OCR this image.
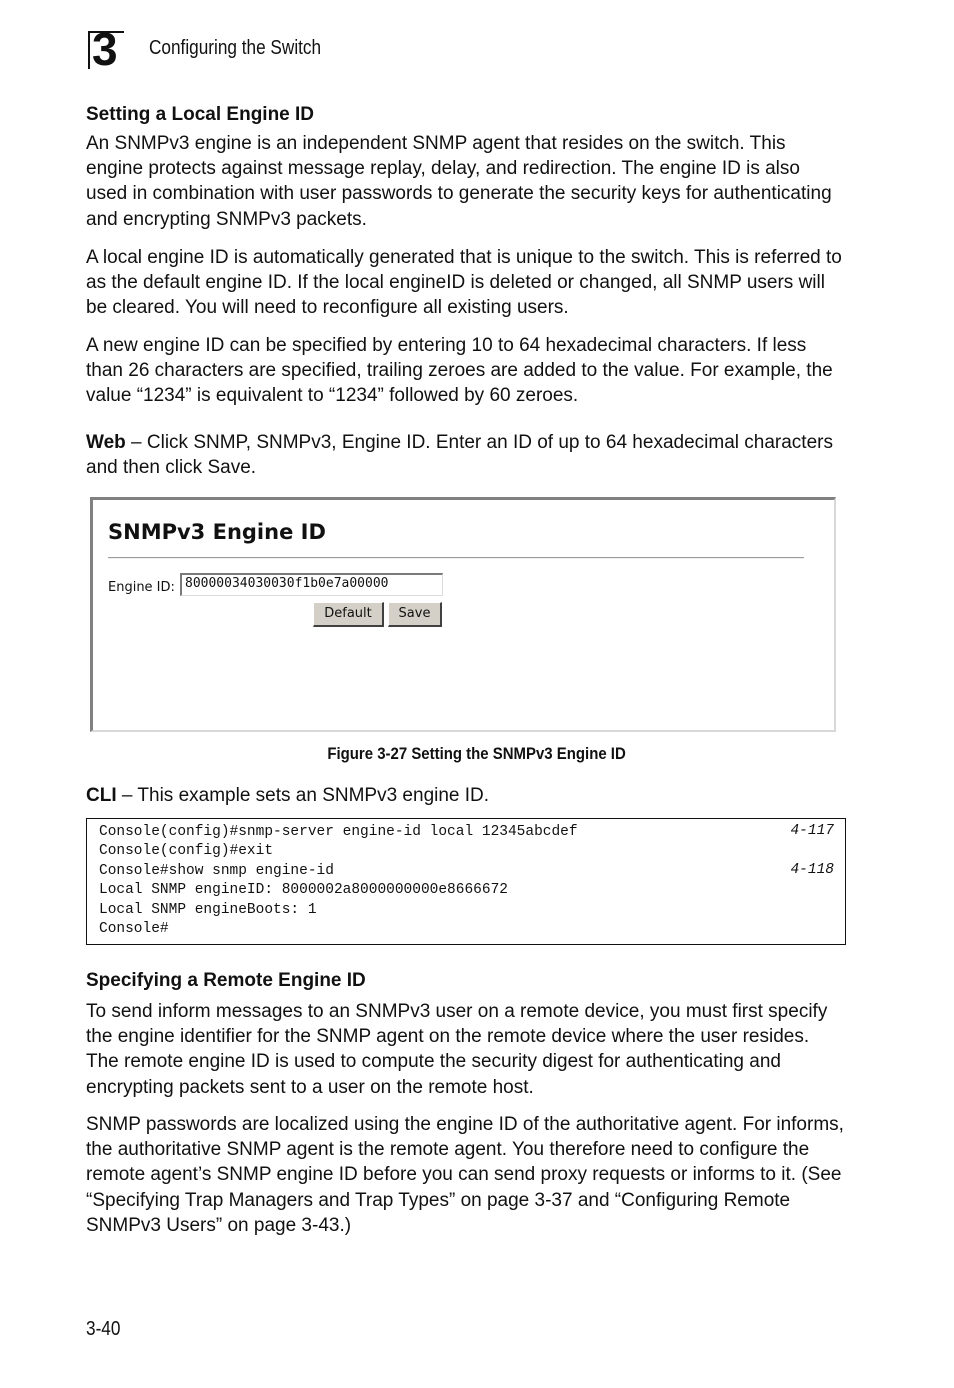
3 Configuring the Switch
Setting a Local Engine ID

An SNMPv3 engine is an independent SNMP agent that resides on the switch. This engine protects against message replay, delay, and redirection. The engine ID is also used in combination with user passwords to generate the security keys for authenticating and encrypting SNMPv3 packets.

A local engine ID is automatically generated that is unique to the switch. This is referred to as the default engine ID. If the local engineID is deleted or changed, all SNMP users will be cleared. You will need to reconfigure all existing users.

A new engine ID can be specified by entering 10 to 64 hexadecimal characters. If less than 26 characters are specified, trailing zeroes are added to the value. For example, the value “1234” is equivalent to “1234” followed by 60 zeroes.

Web – Click SNMP, SNMPv3, Engine ID. Enter an ID of up to 64 hexadecimal characters and then click Save.

SNMPv3 Engine ID
Engine ID: 80000034030030f1b0e7a00000
Default	Save
Figure 3-27 Setting the SNMPv3 Engine ID

CLI – This example sets an SNMPv3 engine ID.

Console(config)#snmp-server engine-id local 12345abcdef	4-117
Console(config)#exit
Console#show snmp engine-id	4-118
Local SNMP engineID: 8000002a8000000000e8666672
Local SNMP engineBoots: 1
Console#
Specifying a Remote Engine ID

To send inform messages to an SNMPv3 user on a remote device, you must first specify the engine identifier for the SNMP agent on the remote device where the user resides. The remote engine ID is used to compute the security digest for authenticating and encrypting packets sent to a user on the remote host.

SNMP passwords are localized using the engine ID of the authoritative agent. For informs, the authoritative SNMP agent is the remote agent. You therefore need to configure the remote agent’s SNMP engine ID before you can send proxy requests or informs to it. (See “Specifying Trap Managers and Trap Types” on page 3-37 and “Configuring Remote SNMPv3 Users” on page 3-43.)

3-40
